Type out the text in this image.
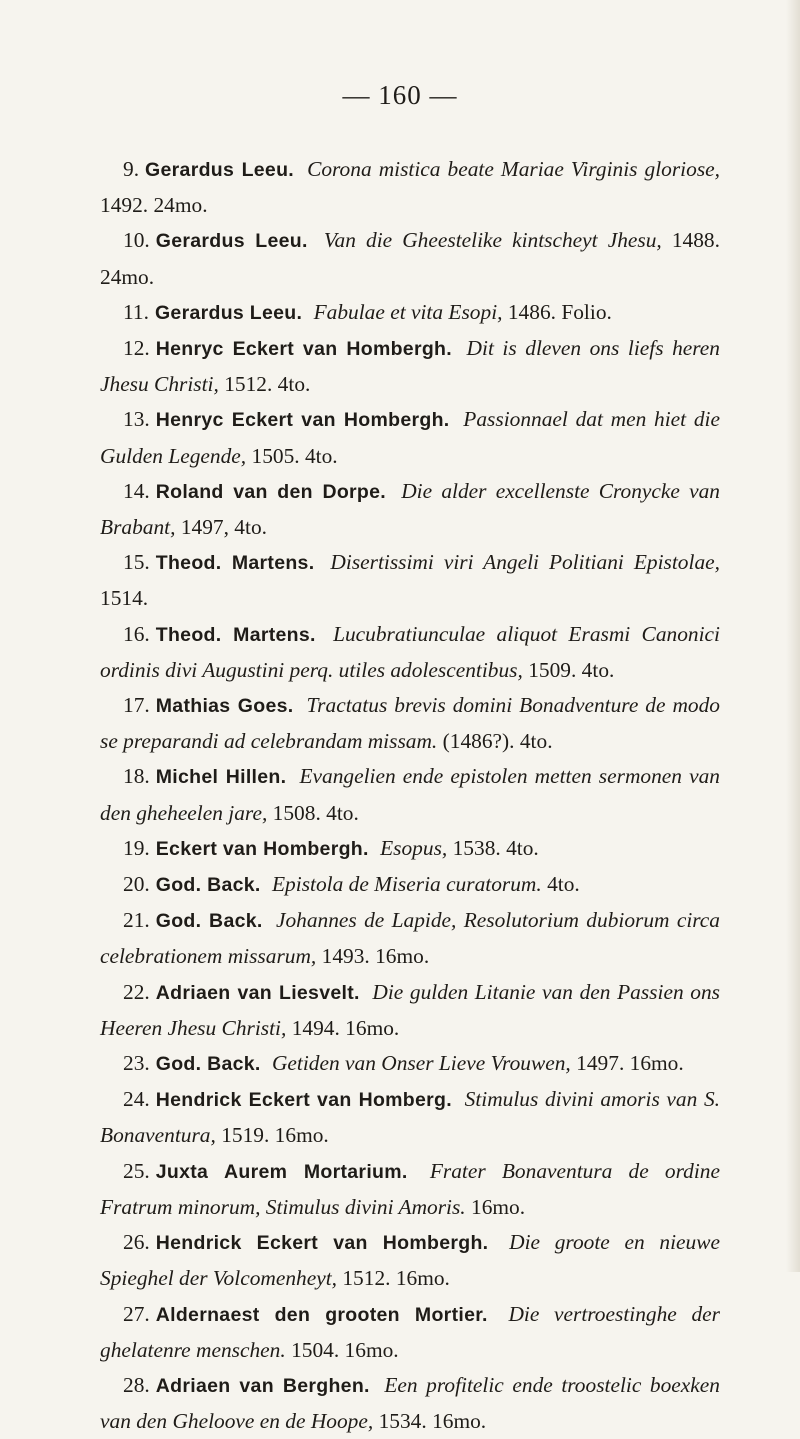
— 160 —
9. Gerardus Leeu. Corona mistica beate Mariae Virginis gloriose, 1492. 24mo.
10. Gerardus Leeu. Van die Gheestelike kintscheyt Jhesu, 1488. 24mo.
11. Gerardus Leeu. Fabulae et vita Esopi, 1486. Folio.
12. Henryc Eckert van Hombergh. Dit is dleven ons liefs heren Jhesu Christi, 1512. 4to.
13. Henryc Eckert van Hombergh. Passionnael dat men hiet die Gulden Legende, 1505. 4to.
14. Roland van den Dorpe. Die alder excellenste Cronycke van Brabant, 1497, 4to.
15. Theod. Martens. Disertissimi viri Angeli Politiani Epistolae, 1514.
16. Theod. Martens. Lucubratiunculae aliquot Erasmi Canonici ordinis divi Augustini perq. utiles adolescentibus, 1509. 4to.
17. Mathias Goes. Tractatus brevis domini Bonadventure de modo se preparandi ad celebrandam missam. (1486?). 4to.
18. Michel Hillen. Evangelien ende epistolen metten sermonen van den gheheelen jare, 1508. 4to.
19. Eckert van Hombergh. Esopus, 1538. 4to.
20. God. Back. Epistola de Miseria curatorum. 4to.
21. God. Back. Johannes de Lapide, Resolutorium dubiorum circa celebrationem missarum, 1493. 16mo.
22. Adriaen van Liesvelt. Die gulden Litanie van den Passien ons Heeren Jhesu Christi, 1494. 16mo.
23. God. Back. Getiden van Onser Lieve Vrouwen, 1497. 16mo.
24. Hendrick Eckert van Homberg. Stimulus divini amoris van S. Bonaventura, 1519. 16mo.
25. Juxta Aurem Mortarium. Frater Bonaventura de ordine Fratrum minorum, Stimulus divini Amoris. 16mo.
26. Hendrick Eckert van Hombergh. Die groote en nieuwe Spieghel der Volcomenheyt, 1512. 16mo.
27. Aldernaest den grooten Mortier. Die vertroestinghe der ghelatenre menschen. 1504. 16mo.
28. Adriaen van Berghen. Een profitelic ende troostelic boexken van den Gheloove en de Hoope, 1534. 16mo.
